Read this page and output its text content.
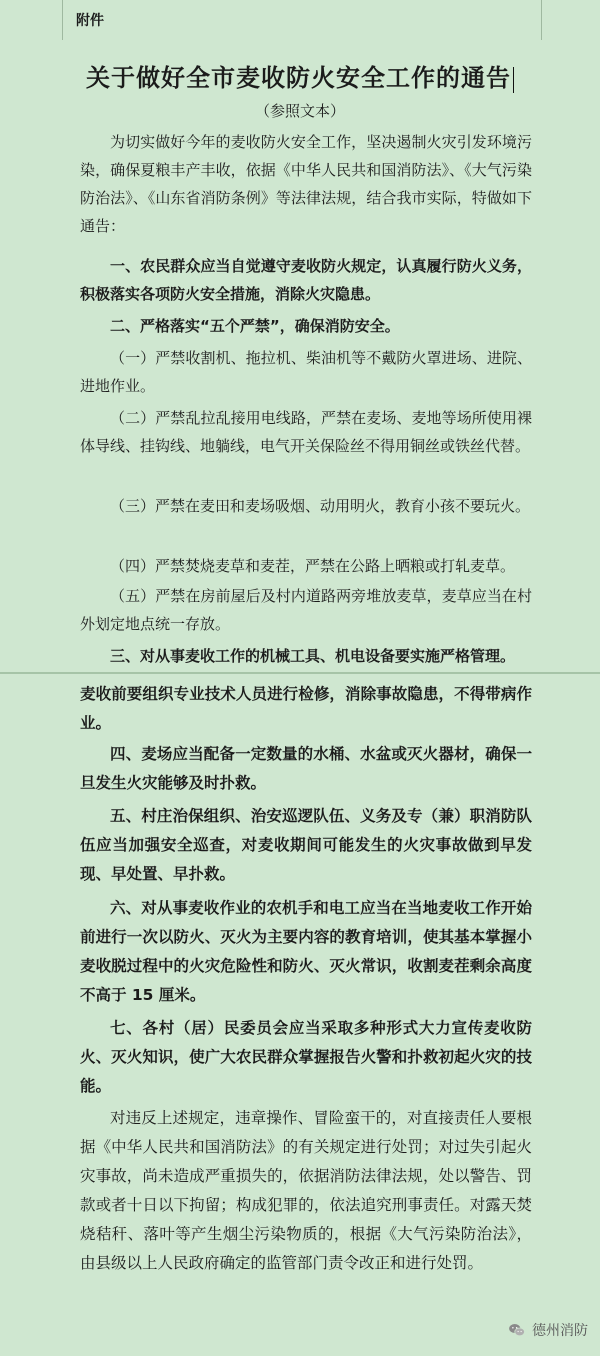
附件
关于做好全市麦收防火安全工作的通告
（参照文本）

为切实做好今年的麦收防火安全工作，坚决遏制火灾引发环境污染，确保夏粮丰产丰收，依据《中华人民共和国消防法》、《大气污染防治法》、《山东省消防条例》等法律法规，结合我市实际，特做如下通告：

一、农民群众应当自觉遵守麦收防火规定，认真履行防火义务，积极落实各项防火安全措施，消除火灾隐患。

二、严格落实“五个严禁”，确保消防安全。

（一）严禁收割机、拖拉机、柴油机等不戴防火罩进场、进院、进地作业。

（二）严禁乱拉乱接用电线路，严禁在麦场、麦地等场所使用裸体导线、挂钩线、地躺线，电气开关保险丝不得用铜丝或铁丝代替。

（三）严禁在麦田和麦场吸烟、动用明火，教育小孩不要玩火。

（四）严禁焚烧麦草和麦茬，严禁在公路上晒粮或打轧麦草。

（五）严禁在房前屋后及村内道路两旁堆放麦草，麦草应当在村外划定地点统一存放。

三、对从事麦收工作的机械工具、机电设备要实施严格管理。

麦收前要组织专业技术人员进行检修，消除事故隐患，不得带病作业。

四、麦场应当配备一定数量的水桶、水盆或灭火器材，确保一旦发生火灾能够及时扑救。

五、村庄治保组织、治安巡逻队伍、义务及专（兼）职消防队伍应当加强安全巡查，对麦收期间可能发生的火灾事故做到早发现、早处置、早扑救。

六、对从事麦收作业的农机手和电工应当在当地麦收工作开始前进行一次以防火、灭火为主要内容的教育培训，使其基本掌握小麦收脱过程中的火灾危险性和防火、灭火常识，收割麦茬剩余高度不高于 15 厘米。

七、各村（居）民委员会应当采取多种形式大力宣传麦收防火、灭火知识，使广大农民群众掌握报告火警和扑救初起火灾的技能。

对违反上述规定，违章操作、冒险蛮干的，对直接责任人要根据《中华人民共和国消防法》的有关规定进行处罚；对过失引起火灾事故，尚未造成严重损失的，依据消防法律法规，处以警告、罚款或者十日以下拘留；构成犯罪的，依法追究刑事责任。对露天焚烧秸秆、落叶等产生烟尘污染物质的，根据《大气污染防治法》，由县级以上人民政府确定的监管部门责令改正和进行处罚。

德州消防
